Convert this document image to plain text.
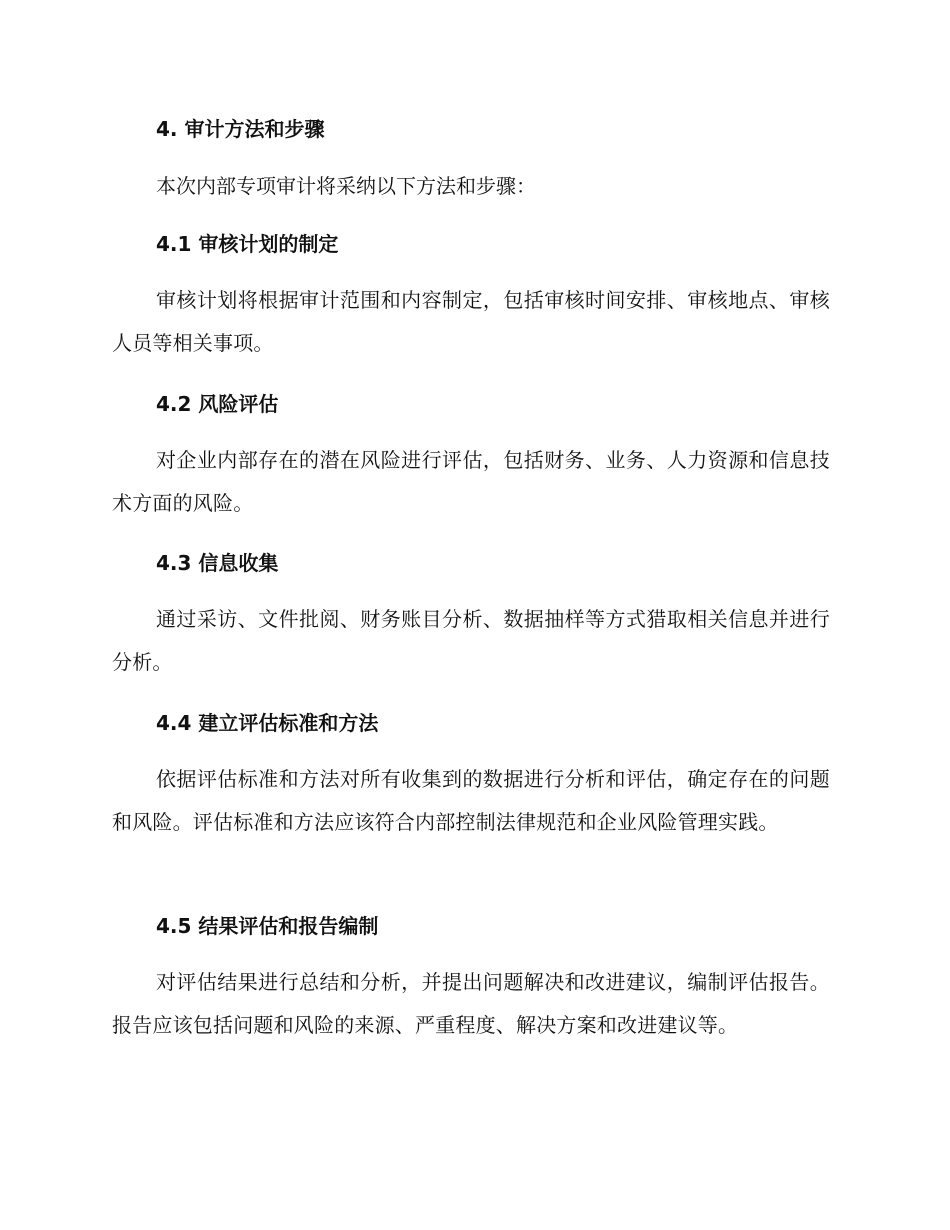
4. 审计方法和步骤
本次内部专项审计将采纳以下方法和步骤：
4.1 审核计划的制定
审核计划将根据审计范围和内容制定，包括审核时间安排、审核地点、审核人员等相关事项。
4.2 风险评估
对企业内部存在的潜在风险进行评估，包括财务、业务、人力资源和信息技术方面的风险。
4.3 信息收集
通过采访、文件批阅、财务账目分析、数据抽样等方式猎取相关信息并进行分析。
4.4 建立评估标准和方法
依据评估标准和方法对所有收集到的数据进行分析和评估，确定存在的问题和风险。评估标准和方法应该符合内部控制法律规范和企业风险管理实践。
4.5 结果评估和报告编制
对评估结果进行总结和分析，并提出问题解决和改进建议，编制评估报告。报告应该包括问题和风险的来源、严重程度、解决方案和改进建议等。
